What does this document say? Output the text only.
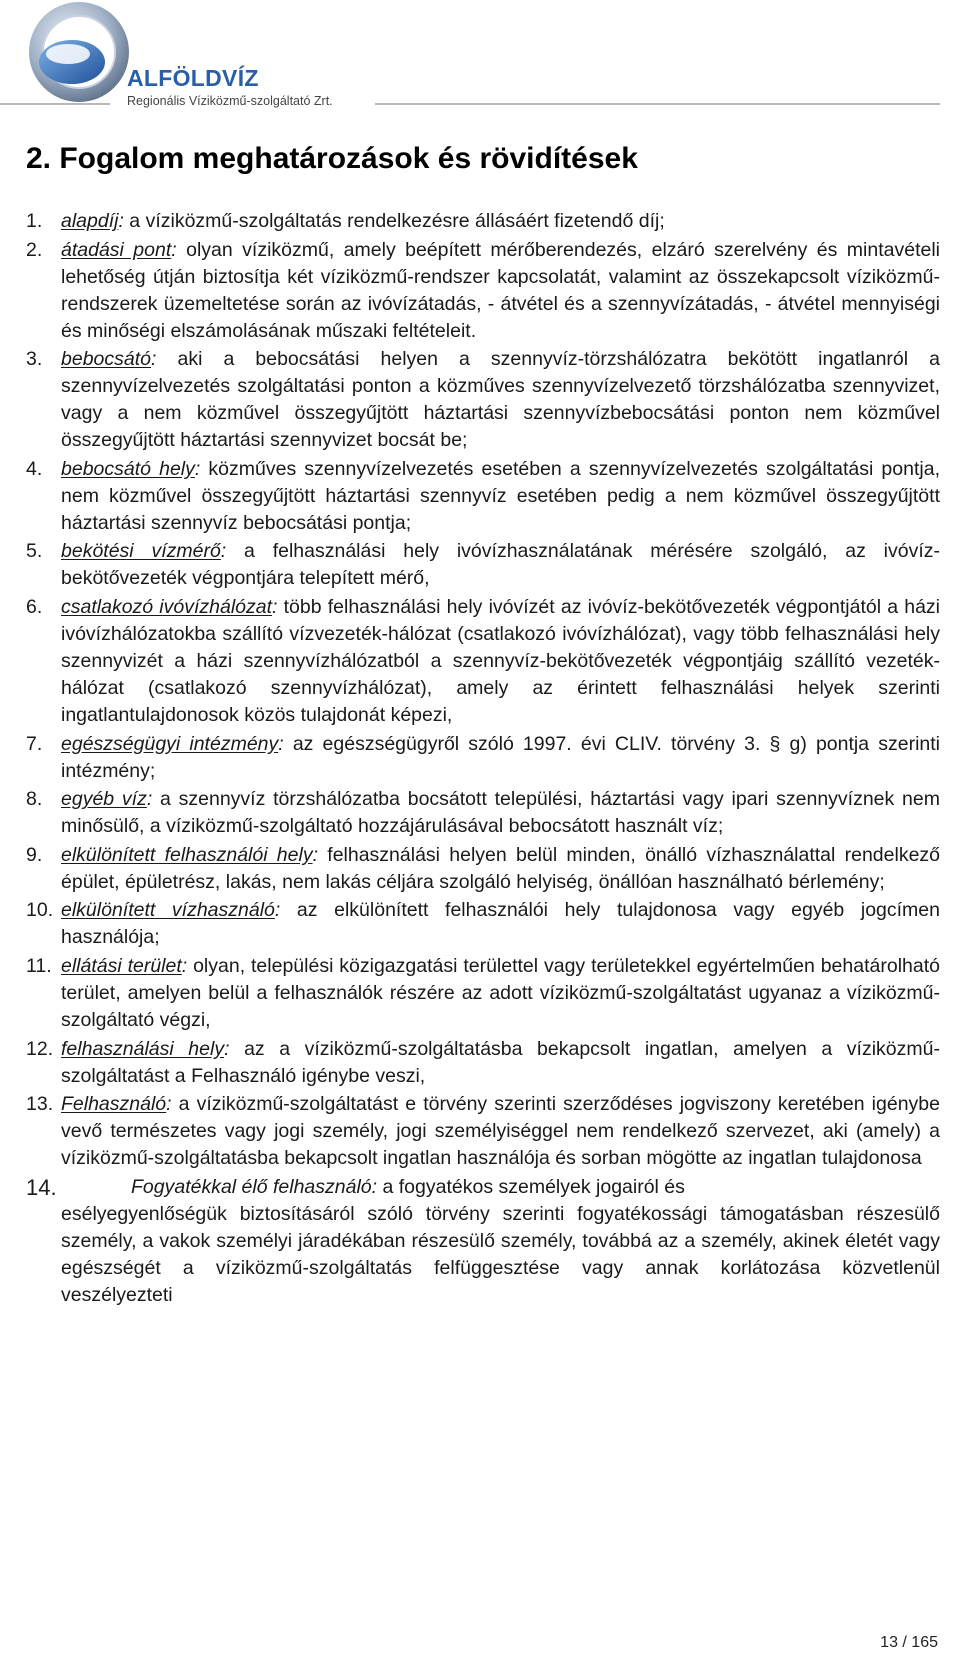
ALFÖLDVÍZ
Regionális Víziközmű-szolgáltató Zrt.
2. Fogalom meghatározások és rövidítések
1. alapdíj: a víziközmű-szolgáltatás rendelkezésre állásáért fizetendő díj;
2. átadási pont: olyan víziközmű, amely beépített mérőberendezés, elzáró szerelvény és mintavételi lehetőség útján biztosítja két víziközmű-rendszer kapcsolatát, valamint az összekapcsolt víziközmű-rendszerek üzemeltetése során az ivóvízátadás, - átvétel és a szennyvízátadás, - átvétel mennyiségi és minőségi elszámolásának műszaki feltételeit.
3. bebocsátó: aki a bebocsátási helyen a szennyvíz-törzshálózatra bekötött ingatlanról a szennyvízelvezetés szolgáltatási ponton a közműves szennyvízelvezető törzshálózatba szennyvizet, vagy a nem közművel összegyűjtött háztartási szennyvízbebocsátási ponton nem közművel összegyűjtött háztartási szennyvizet bocsát be;
4. bebocsátó hely: közműves szennyvízelvezetés esetében a szennyvízelvezetés szolgáltatási pontja, nem közművel összegyűjtött háztartási szennyvíz esetében pedig a nem közművel összegyűjtött háztartási szennyvíz bebocsátási pontja;
5. bekötési vízmérő: a felhasználási hely ivóvízhasználatának mérésére szolgáló, az ivóvíz-bekötővezeték végpontjára telepített mérő,
6. csatlakozó ivóvízhálózat: több felhasználási hely ivóvízét az ivóvíz-bekötővezeték végpontjától a házi ivóvízhálózatokba szállító vízvezeték-hálózat (csatlakozó ivóvízhálózat), vagy több felhasználási hely szennyvizét a házi szennyvízhálózatból a szennyvíz-bekötővezeték végpontjáig szállító vezeték-hálózat (csatlakozó szennyvízhálózat), amely az érintett felhasználási helyek szerinti ingatlantulajdonosok közös tulajdonát képezi,
7. egészségügyi intézmény: az egészségügyről szóló 1997. évi CLIV. törvény 3. § g) pontja szerinti intézmény;
8. egyéb víz: a szennyvíz törzshálózatba bocsátott települési, háztartási vagy ipari szennyvíznek nem minősülő, a víziközmű-szolgáltató hozzájárulásával bebocsátott használt víz;
9. elkülönített felhasználói hely: felhasználási helyen belül minden, önálló vízhasználattal rendelkező épület, épületrész, lakás, nem lakás céljára szolgáló helyiség, önállóan használható bérlemény;
10. elkülönített vízhasználó: az elkülönített felhasználói hely tulajdonosa vagy egyéb jogcímen használója;
11. ellátási terület: olyan, települési közigazgatási területtel vagy területekkel egyértelműen behatárolható terület, amelyen belül a felhasználók részére az adott víziközmű-szolgáltatást ugyanaz a víziközmű-szolgáltató végzi,
12. felhasználási hely: az a víziközmű-szolgáltatásba bekapcsolt ingatlan, amelyen a víziközmű-szolgáltatást a Felhasználó igénybe veszi,
13. Felhasználó: a víziközmű-szolgáltatást e törvény szerinti szerződéses jogviszony keretében igénybe vevő természetes vagy jogi személy, jogi személyiséggel nem rendelkező szervezet, aki (amely) a víziközmű-szolgáltatásba bekapcsolt ingatlan használója és sorban mögötte az ingatlan tulajdonosa
14.	Fogyatékkal élő felhasználó: a fogyatékos személyek jogairól és
esélyegyenlőségük biztosításáról szóló törvény szerinti fogyatékossági támogatásban részesülő személy, a vakok személyi járadékában részesülő személy, továbbá az a személy, akinek életét vagy egészségét a víziközmű-szolgáltatás felfüggesztése vagy annak korlátozása közvetlenül veszélyezteti
13 / 165
